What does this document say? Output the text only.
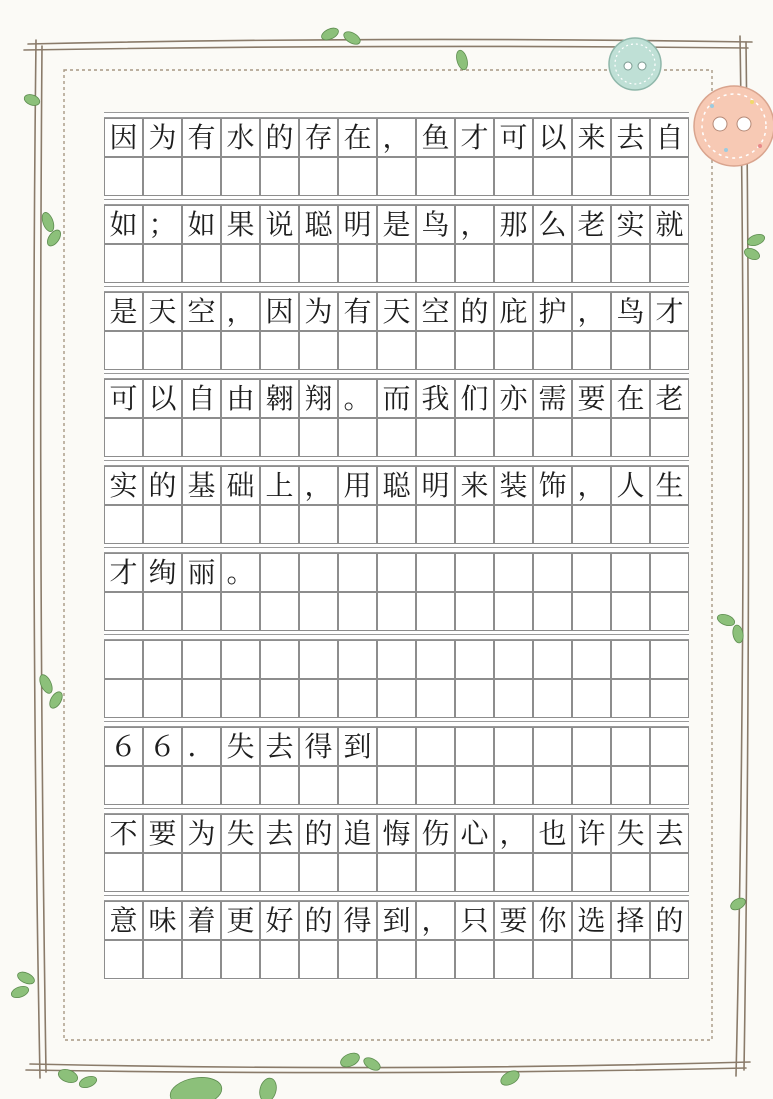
因 为 有 水 的 存 在 ， 鱼 才 可 以 来 去 自
如 ； 如 果 说 聪 明 是 鸟 ， 那 么 老 实 就
是 天 空 ， 因 为 有 天 空 的 庇 护 ， 鸟 才
可 以 自 由 翱 翔 。 而 我 们 亦 需 要 在 老
实 的 基 础 上 ， 用 聪 明 来 装 饰 ， 人 生
才 绚 丽 。
６ ６ ． 失 去 得 到
不 要 为 失 去 的 追 悔 伤 心 ， 也 许 失 去
意 味 着 更 好 的 得 到 ， 只 要 你 选 择 的
